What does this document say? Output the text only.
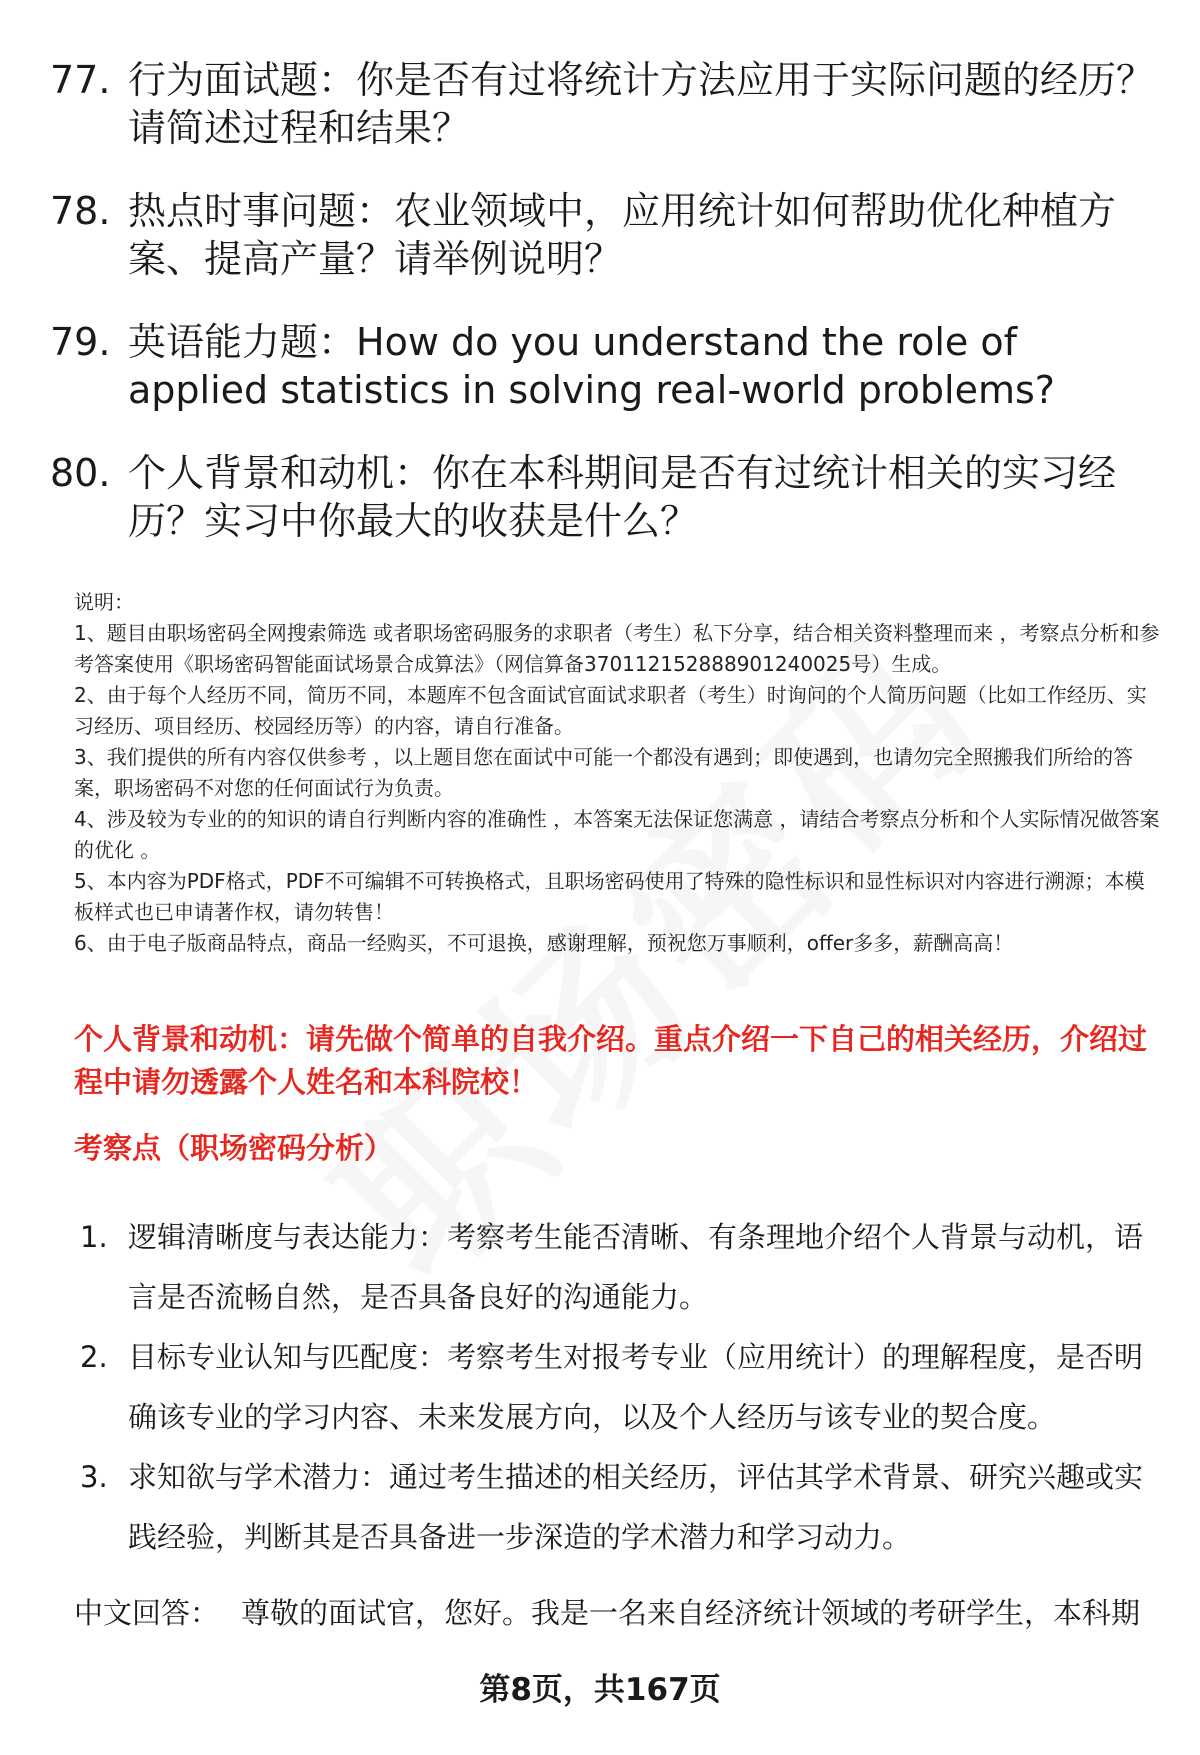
77. 行为面试题：你是否有过将统计方法应用于实际问题的经历？请简述过程和结果？
78. 热点时事问题：农业领域中，应用统计如何帮助优化种植方案、提高产量？请举例说明？
79. 英语能力题：How do you understand the role of applied statistics in solving real-world problems?
80. 个人背景和动机：你在本科期间是否有过统计相关的实习经历？实习中你最大的收获是什么？

说明：

1、题目由职场密码全网搜索筛选 或者职场密码服务的求职者（考生）私下分享，结合相关资料整理而来 ，考察点分析和参考答案使用《职场密码智能面试场景合成算法》（网信算备370112152888901240025号）生成。

2、由于每个人经历不同，简历不同，本题库不包含面试官面试求职者（考生）时询问的个人简历问题（比如工作经历、实习经历、项目经历、校园经历等）的内容，请自行准备。

3、我们提供的所有内容仅供参考 ，以上题目您在面试中可能一个都没有遇到；即使遇到，也请勿完全照搬我们所给的答案，职场密码不对您的任何面试行为负责。

4、涉及较为专业的的知识的请自行判断内容的准确性 ，本答案无法保证您满意 ，请结合考察点分析和个人实际情况做答案的优化 。

5、本内容为PDF格式，PDF不可编辑不可转换格式，且职场密码使用了特殊的隐性标识和显性标识对内容进行溯源；本模板样式也已申请著作权，请勿转售！

6、由于电子版商品特点，商品一经购买，不可退换，感谢理解，预祝您万事顺利，offer多多，薪酬高高！

个人背景和动机：请先做个简单的自我介绍。重点介绍一下自己的相关经历，介绍过程中请勿透露个人姓名和本科院校！

考察点（职场密码分析）

1. 逻辑清晰度与表达能力：考察考生能否清晰、有条理地介绍个人背景与动机，语言是否流畅自然，是否具备良好的沟通能力。
2. 目标专业认知与匹配度：考察考生对报考专业（应用统计）的理解程度，是否明确该专业的学习内容、未来发展方向，以及个人经历与该专业的契合度。
3. 求知欲与学术潜力：通过考生描述的相关经历，评估其学术背景、研究兴趣或实践经验，判断其是否具备进一步深造的学术潜力和学习动力。

中文回答： 尊敬的面试官，您好。我是一名来自经济统计领域的考研学生，本科期

第8页，共167页
